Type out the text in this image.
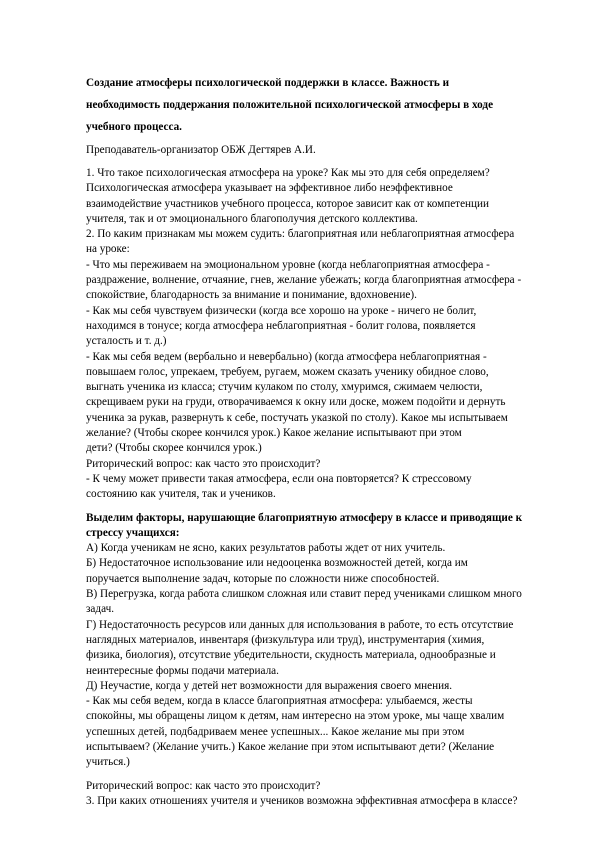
Создание атмосферы психологической поддержки в классе. Важность и
необходимость поддержания положительной психологической атмосферы в ходе
учебного процесса.
Преподаватель-организатор ОБЖ Дегтярев А.И.
1. Что такое психологическая атмосфера на уроке? Как мы это для себя определяем?
Психологическая атмосфера указывает на эффективное либо неэффективное
взаимодействие участников учебного процесса, которое зависит как от компетенции
учителя, так и от эмоционального благополучия детского коллектива.
2. По каким признакам мы можем судить: благоприятная или неблагоприятная атмосфера
на уроке:
- Что мы переживаем на эмоциональном уровне (когда неблагоприятная атмосфера -
раздражение, волнение, отчаяние, гнев, желание убежать; когда благоприятная атмосфера -
спокойствие, благодарность за внимание и понимание, вдохновение).
- Как мы себя чувствуем физически (когда все хорошо на уроке - ничего не болит,
находимся в тонусе; когда атмосфера неблагоприятная - болит голова, появляется
усталость и т. д.)
- Как мы себя ведем (вербально и невербально) (когда атмосфера неблагоприятная -
повышаем голос, упрекаем, требуем, ругаем, можем сказать ученику обидное слово,
выгнать ученика из класса; стучим кулаком по столу, хмуримся, сжимаем челюсти,
скрещиваем руки на груди, отворачиваемся к окну или доске, можем подойти и дернуть
ученика за рукав, развернуть к себе, постучать указкой по столу). Какое мы испытываем
желание? (Чтобы скорее кончился урок.) Какое желание испытывают при этом
дети? (Чтобы скорее кончился урок.)
Риторический вопрос: как часто это происходит?
- К чему может привести такая атмосфера, если она повторяется? К стрессовому
состоянию как учителя, так и учеников.
Выделим факторы, нарушающие благоприятную атмосферу в классе и приводящие к
стрессу учащихся:
А) Когда ученикам не ясно, каких результатов работы ждет от них учитель.
Б) Недостаточное использование или недооценка возможностей детей, когда им
поручается выполнение задач, которые по сложности ниже способностей.
В) Перегрузка, когда работа слишком сложная или ставит перед учениками слишком много
задач.
Г) Недостаточность ресурсов или данных для использования в работе, то есть отсутствие
наглядных материалов, инвентаря (физкультура или труд), инструментария (химия,
физика, биология), отсутствие убедительности, скудность материала, однообразные и
неинтересные формы подачи материала.
Д) Неучастие, когда у детей нет возможности для выражения своего мнения.
- Как мы себя ведем, когда в классе благоприятная атмосфера: улыбаемся, жесты
спокойны, мы обращены лицом к детям, нам интересно на этом уроке, мы чаще хвалим
успешных детей, подбадриваем менее успешных... Какое желание мы при этом
испытываем? (Желание учить.) Какое желание при этом испытывают дети? (Желание
учиться.)
Риторический вопрос: как часто это происходит?
3. При каких отношениях учителя и учеников возможна эффективная атмосфера в классе?
